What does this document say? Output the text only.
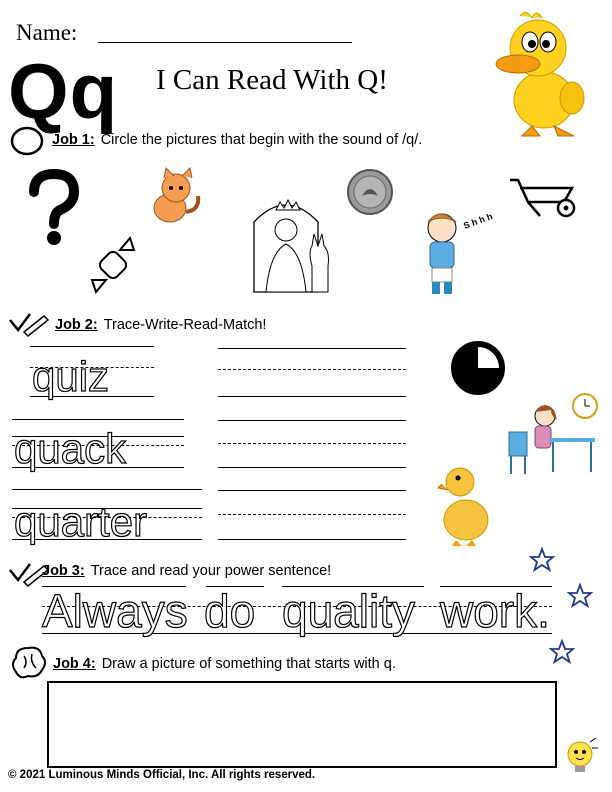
Name:
Qq I Can Read With Q!
Job 1: Circle the pictures that begin with the sound of /q/.
S h h h
Job 2: Trace-Write-Read-Match!
quiz
quack
quarter
Job 3: Trace and read your power sentence!
Always do quality work.
Job 4: Draw a picture of something that starts with q.
© 2021 Luminous Minds Official, Inc. All rights reserved.
